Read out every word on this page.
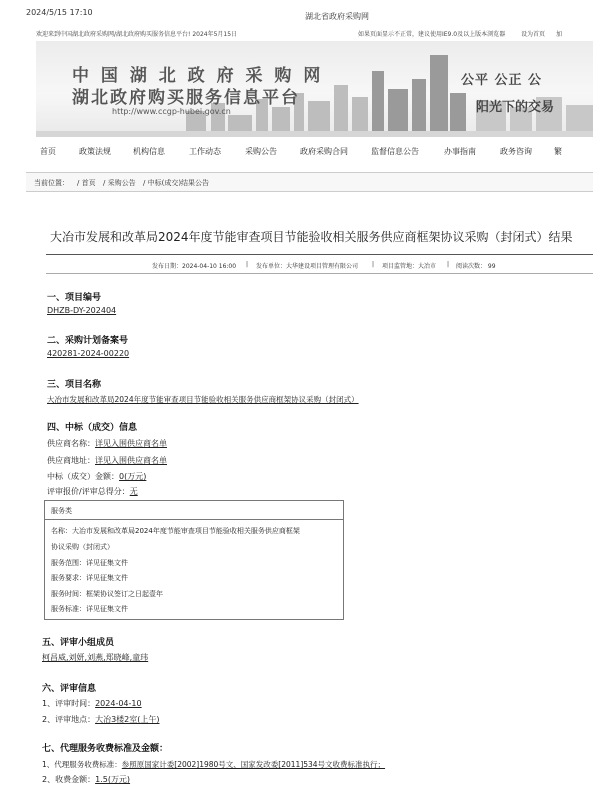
2024/5/15 17:10	湖北省政府采购网
欢迎来到中国湖北政府采购网/湖北政府购买服务信息平台! 2024年5月15日	如果页面显示不正常，建议使用IE9.0及以上版本浏览器	设为首页 加
中 国 湖 北 政 府 采 购 网
湖北政府购买服务信息平台
http://www.ccgp-hubei.gov.cn
公平 公正 公
阳光下的交易
首页	政策法规	机构信息	工作动态	采购公告	政府采购合同	监督信息公告	办事指南	政务咨询	繁
当前位置： / 首页 / 采购公告 / 中标(成交)结果公告
大冶市发展和改革局2024年度节能审查项目节能验收相关服务供应商框架协议采购（封闭式）结果
发布日期：2024-04-10 16:00 | 发布单位：大华建设项目管理有限公司 | 项目监管地：大冶市 | 阅读次数： 99
一、项目编号
DHZB-DY-202404
二、采购计划备案号
420281-2024-00220
三、项目名称
大冶市发展和改革局2024年度节能审查项目节能验收相关服务供应商框架协议采购（封闭式）
四、中标（成交）信息
供应商名称：详见入围供应商名单
供应商地址：详见入围供应商名单
中标（成交）金额：0(万元)
评审报价/评审总得分：无
服务类
名称：大冶市发展和改革局2024年度节能审查项目节能验收相关服务供应商框架
协议采购（封闭式）
服务范围：详见征集文件
服务要求：详见征集文件
服务时间：框架协议签订之日起壹年
服务标准：详见征集文件
五、评审小组成员
柯昌威,刘妍,刘燕,郑晓峰,童玮
六、评审信息
1、评审时间：2024-04-10
2、评审地点：大冶3楼2室(上午)
七、代理服务收费标准及金额：
1、代理服务收费标准：参照原国家计委[2002]1980号文、国家发改委[2011]534号文收费标准执行；
2、收费金额：1.5(万元)
